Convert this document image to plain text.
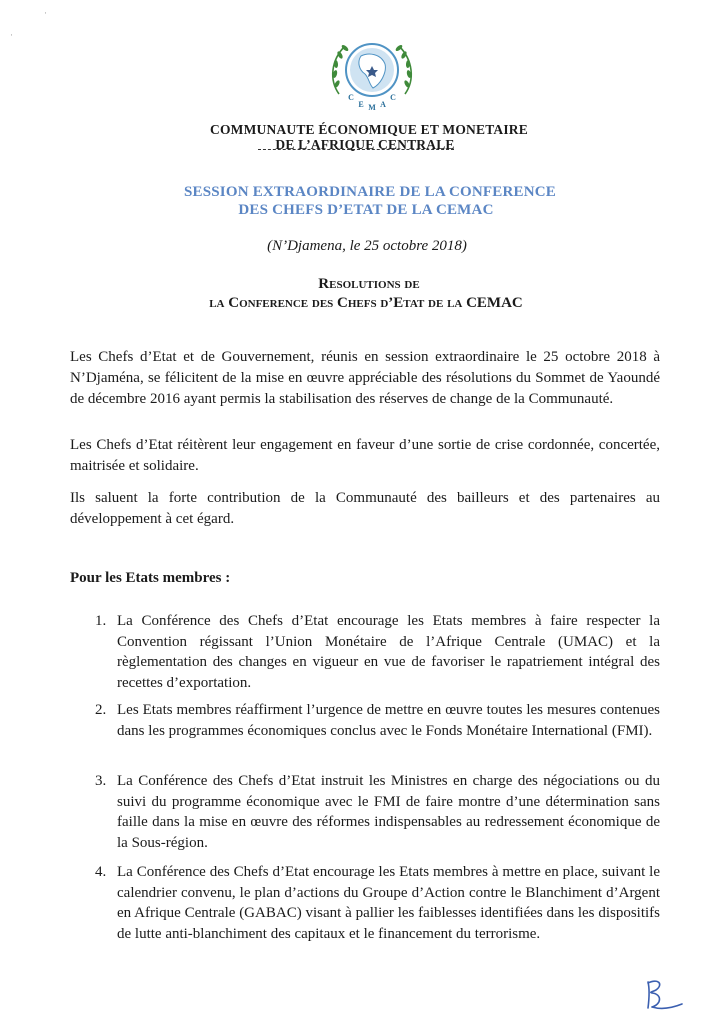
·
·
C
E M A
C
COMMUNAUTE ÉCONOMIQUE ET MONETAIRE
DE L’AFRIQUE CENTRALE
SESSION EXTRAORDINAIRE DE LA CONFERENCE
DES CHEFS D’ETAT DE LA CEMAC
(N’Djamena, le 25 octobre 2018)
Resolutions de
la Conference des Chefs d’Etat de la CEMAC

Les Chefs d’Etat et de Gouvernement, réunis en session extraordinaire le 25 octobre 2018 à N’Djaména, se félicitent de la mise en œuvre appréciable des résolutions du Sommet de Yaoundé de décembre 2016 ayant permis la stabilisation des réserves de change de la Communauté.

Les Chefs d’Etat réitèrent leur engagement en faveur d’une sortie de crise cordonnée, concertée, maitrisée et solidaire.

Ils saluent la forte contribution de la Communauté des bailleurs et des partenaires au développement à cet égard.

Pour les Etats membres :
1. La Conférence des Chefs d’Etat encourage les Etats membres à faire respecter la Convention régissant l’Union Monétaire de l’Afrique Centrale (UMAC) et la règlementation des changes en vigueur en vue de favoriser le rapatriement intégral des recettes d’exportation.
2. Les Etats membres réaffirment l’urgence de mettre en œuvre toutes les mesures contenues dans les programmes économiques conclus avec le Fonds Monétaire International (FMI).
3. La Conférence des Chefs d’Etat instruit les Ministres en charge des négociations ou du suivi du programme économique avec le FMI de faire montre d’une détermination sans faille dans la mise en œuvre des réformes indispensables au redressement économique de la Sous-région.
4. La Conférence des Chefs d’Etat encourage les Etats membres à mettre en place, suivant le calendrier convenu, le plan d’actions du Groupe d’Action contre le Blanchiment d’Argent en Afrique Centrale (GABAC) visant à pallier les faiblesses identifiées dans les dispositifs de lutte anti-blanchiment des capitaux et le financement du terrorisme.
